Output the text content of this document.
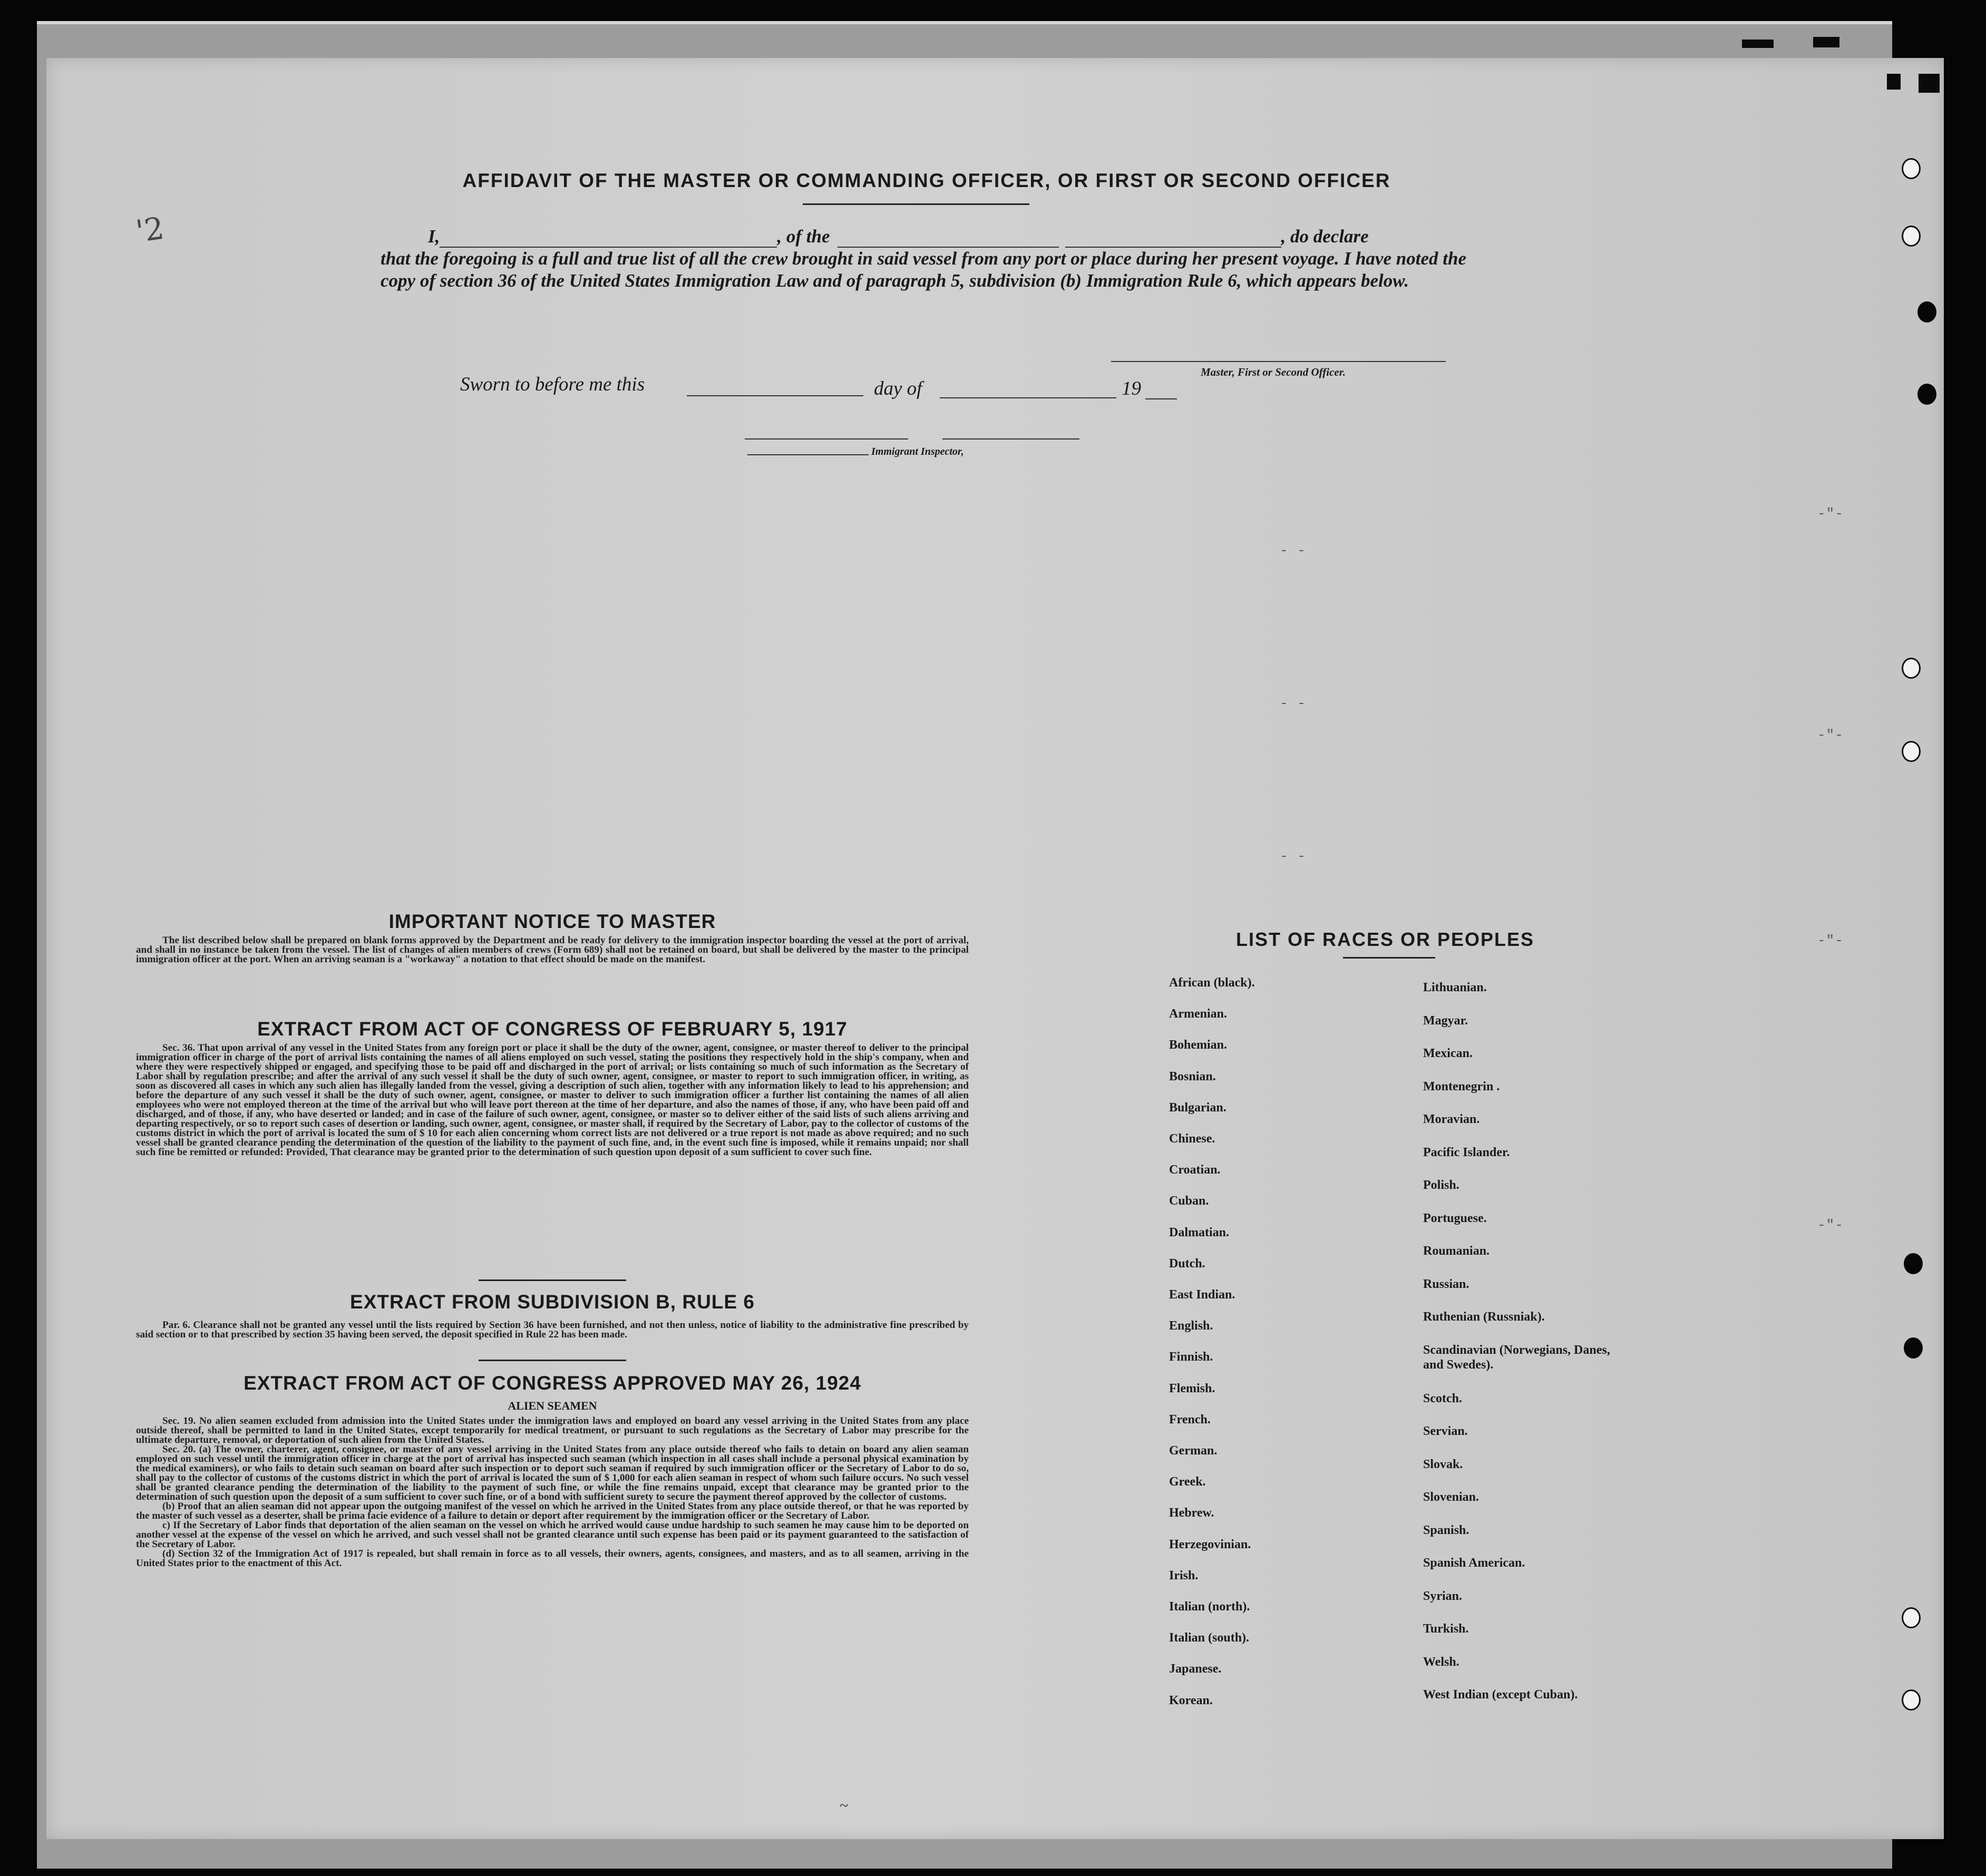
-"-
-"-
-"-
-"-
- -
- -
- -
'2
AFFIDAVIT OF THE MASTER OR COMMANDING OFFICER, OR FIRST OR SECOND OFFICER
I,	, of the	, do declare
that the foregoing is a full and true list of all the crew brought in said vessel from any port or place during her present voyage. I have noted the copy of section 36 of the United States Immigration Law and of paragraph 5, subdivision (b) Immigration Rule 6, which appears below.
Master, First or Second Officer.
Sworn to before me this	day of	19
Immigrant Inspector,
IMPORTANT NOTICE TO MASTER

The list described below shall be prepared on blank forms approved by the Department and be ready for delivery to the immigration inspector boarding the vessel at the port of arrival, and shall in no instance be taken from the vessel. The list of changes of alien members of crews (Form 689) shall not be retained on board, but shall be delivered by the master to the principal immigration officer at the port. When an arriving seaman is a "workaway" a notation to that effect should be made on the manifest.

EXTRACT FROM ACT OF CONGRESS OF FEBRUARY 5, 1917

Sec. 36. That upon arrival of any vessel in the United States from any foreign port or place it shall be the duty of the owner, agent, consignee, or master thereof to deliver to the principal immigration officer in charge of the port of arrival lists containing the names of all aliens employed on such vessel, stating the positions they respectively hold in the ship's company, when and where they were respectively shipped or engaged, and specifying those to be paid off and discharged in the port of arrival; or lists containing so much of such information as the Secretary of Labor shall by regulation prescribe; and after the arrival of any such vessel it shall be the duty of such owner, agent, consignee, or master to report to such immigration officer, in writing, as soon as discovered all cases in which any such alien has illegally landed from the vessel, giving a description of such alien, together with any information likely to lead to his apprehension; and before the departure of any such vessel it shall be the duty of such owner, agent, consignee, or master to deliver to such immigration officer a further list containing the names of all alien employees who were not employed thereon at the time of the arrival but who will leave port thereon at the time of her departure, and also the names of those, if any, who have been paid off and discharged, and of those, if any, who have deserted or landed; and in case of the failure of such owner, agent, consignee, or master so to deliver either of the said lists of such aliens arriving and departing respectively, or so to report such cases of desertion or landing, such owner, agent, consignee, or master shall, if required by the Secretary of Labor, pay to the collector of customs of the customs district in which the port of arrival is located the sum of $ 10 for each alien concerning whom correct lists are not delivered or a true report is not made as above required; and no such vessel shall be granted clearance pending the determination of the question of the liability to the payment of such fine, and, in the event such fine is imposed, while it remains unpaid; nor shall such fine be remitted or refunded: Provided, That clearance may be granted prior to the determination of such question upon deposit of a sum sufficient to cover such fine.

EXTRACT FROM SUBDIVISION B, RULE 6

Par. 6. Clearance shall not be granted any vessel until the lists required by Section 36 have been furnished, and not then unless, notice of liability to the administrative fine prescribed by said section or to that prescribed by section 35 having been served, the deposit specified in Rule 22 has been made.

EXTRACT FROM ACT OF CONGRESS APPROVED MAY 26, 1924
ALIEN SEAMEN

Sec. 19. No alien seamen excluded from admission into the United States under the immigration laws and employed on board any vessel arriving in the United States from any place outside thereof, shall be permitted to land in the United States, except temporarily for medical treatment, or pursuant to such regulations as the Secretary of Labor may prescribe for the ultimate departure, removal, or deportation of such alien from the United States.

Sec. 20. (a) The owner, charterer, agent, consignee, or master of any vessel arriving in the United States from any place outside thereof who fails to detain on board any alien seaman employed on such vessel until the immigration officer in charge at the port of arrival has inspected such seaman (which inspection in all cases shall include a personal physical examination by the medical examiners), or who fails to detain such seaman on board after such inspection or to deport such seaman if required by such immigration officer or the Secretary of Labor to do so, shall pay to the collector of customs of the customs district in which the port of arrival is located the sum of $ 1,000 for each alien seaman in respect of whom such failure occurs. No such vessel shall be granted clearance pending the determination of the liability to the payment of such fine, or while the fine remains unpaid, except that clearance may be granted prior to the determination of such question upon the deposit of a sum sufficient to cover such fine, or of a bond with sufficient surety to secure the payment thereof approved by the collector of customs.

(b) Proof that an alien seaman did not appear upon the outgoing manifest of the vessel on which he arrived in the United States from any place outside thereof, or that he was reported by the master of such vessel as a deserter, shall be prima facie evidence of a failure to detain or deport after requirement by the immigration officer or the Secretary of Labor.

c) If the Secretary of Labor finds that deportation of the alien seaman on the vessel on which he arrived would cause undue hardship to such seamen he may cause him to be deported on another vessel at the expense of the vessel on which he arrived, and such vessel shall not be granted clearance until such expense has been paid or its payment guaranteed to the satisfaction of the Secretary of Labor.

(d) Section 32 of the Immigration Act of 1917 is repealed, but shall remain in force as to all vessels, their owners, agents, consignees, and masters, and as to all seamen, arriving in the United States prior to the enactment of this Act.

LIST OF RACES OR PEOPLES
African (black).
Armenian.
Bohemian.
Bosnian.
Bulgarian.
Chinese.
Croatian.
Cuban.
Dalmatian.
Dutch.
East Indian.
English.
Finnish.
Flemish.
French.
German.
Greek.
Hebrew.
Herzegovinian.
Irish.
Italian (north).
Italian (south).
Japanese.
Korean.
Lithuanian.
Magyar.
Mexican.
Montenegrin .
Moravian.
Pacific Islander.
Polish.
Portuguese.
Roumanian.
Russian.
Ruthenian (Russniak).
Scandinavian (Norwegians, Danes, and Swedes).
Scotch.
Servian.
Slovak.
Slovenian.
Spanish.
Spanish American.
Syrian.
Turkish.
Welsh.
West Indian (except Cuban).
~
